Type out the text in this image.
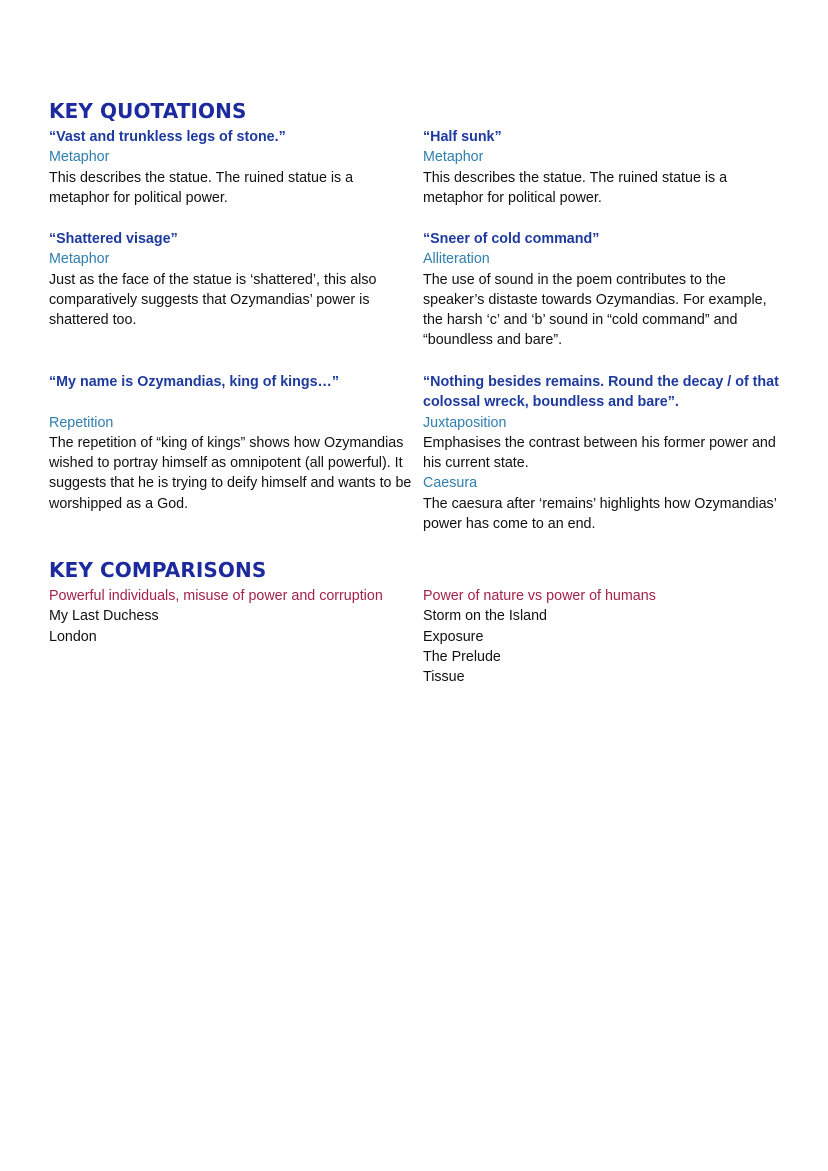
KEY QUOTATIONS
“Vast and trunkless legs of stone.”
Metaphor
This describes the statue. The ruined statue is a metaphor for political power.
“Half sunk”
Metaphor
This describes the statue. The ruined statue is a metaphor for political power.
“Shattered visage”
Metaphor
Just as the face of the statue is ‘shattered’, this also comparatively suggests that Ozymandias’ power is shattered too.
“Sneer of cold command”
Alliteration
The use of sound in the poem contributes to the speaker’s distaste towards Ozymandias. For example, the harsh ‘c’ and ‘b’ sound in “cold command” and “boundless and bare”.
“My name is Ozymandias, king of kings…”
Repetition
The repetition of “king of kings” shows how Ozymandias wished to portray himself as omnipotent (all powerful). It suggests that he is trying to deify himself and wants to be worshipped as a God.
“Nothing besides remains. Round the decay / of that colossal wreck, boundless and bare”.
Juxtaposition
Emphasises the contrast between his former power and his current state.
Caesura
The caesura after ‘remains’ highlights how Ozymandias’ power has come to an end.
KEY COMPARISONS
Powerful individuals, misuse of power and corruption
My Last Duchess
London
Power of nature vs power of humans
Storm on the Island
Exposure
The Prelude
Tissue
